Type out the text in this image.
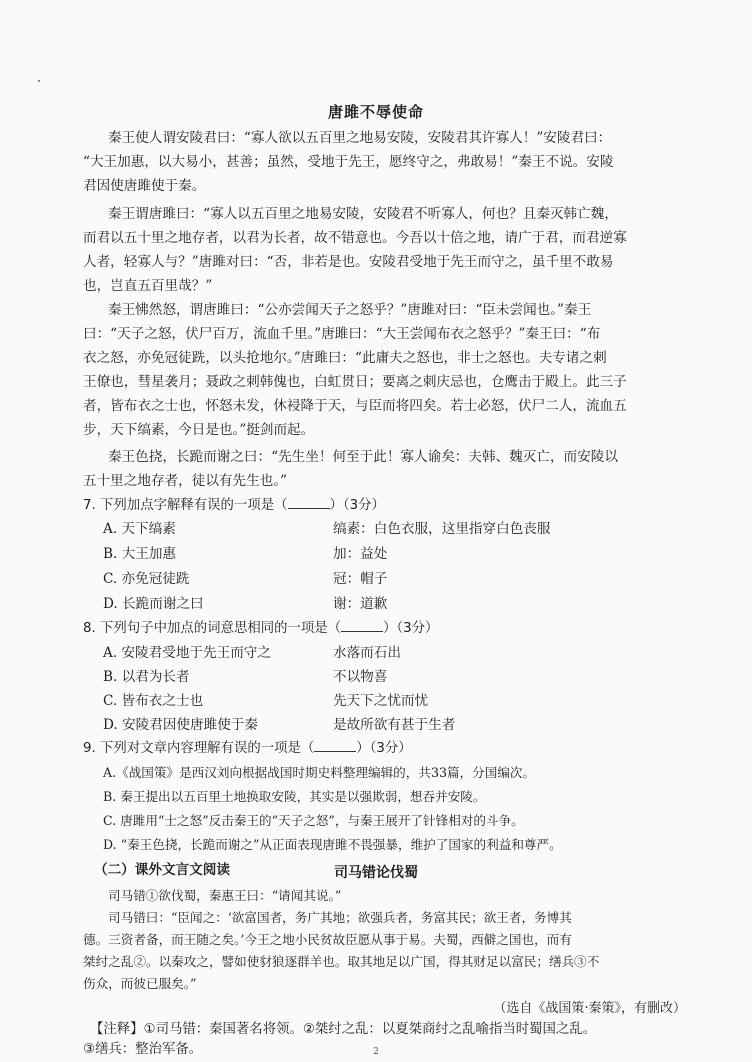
唐雎不辱使命
秦王使人谓安陵君曰：“寡人欲以五百里之地易安陵，安陵君其许寡人！”安陵君曰：
“大王加惠，以大易小，甚善；虽然，受地于先王，愿终守之，弗敢易！”秦王不说。安陵
君因使唐雎使于秦。
秦王谓唐雎曰：“寡人以五百里之地易安陵，安陵君不听寡人，何也？且秦灭韩亡魏，
而君以五十里之地存者，以君为长者，故不错意也。今吾以十倍之地，请广于君，而君逆寡
人者，轻寡人与？”唐雎对曰：“否，非若是也。安陵君受地于先王而守之，虽千里不敢易
也，岂直五百里哉？”
秦王怫然怒，谓唐雎曰：“公亦尝闻天子之怒乎？”唐雎对曰：“臣未尝闻也。”秦王
曰：“天子之怒，伏尸百万，流血千里。”唐雎曰：“大王尝闻布衣之怒乎？”秦王曰：“布
衣之怒，亦免冠徒跣，以头抢地尔。”唐雎曰：“此庸夫之怒也，非士之怒也。夫专诸之刺
王僚也，彗星袭月；聂政之刺韩傀也，白虹贯日；要离之刺庆忌也，仓鹰击于殿上。此三子
者，皆布衣之士也，怀怒未发，休祲降于天，与臣而将四矣。若士必怒，伏尸二人，流血五
步，天下缟素，今日是也。”挺剑而起。
秦王色挠，长跪而谢之曰：“先生坐！何至于此！寡人谕矣：夫韩、魏灭亡，而安陵以
五十里之地存者，徒以有先生也。”
7. 下列加点字解释有误的一项是（	）（3分）
A. 天下缟素	缟素：白色衣服，这里指穿白色丧服
B. 大王加惠	加：益处
C. 亦免冠徒跣	冠：帽子
D. 长跪而谢之曰	谢：道歉
8. 下列句子中加点的词意思相同的一项是（	）（3分）
A. 安陵君受地于先王而守之	水落而石出
B. 以君为长者	不以物喜
C. 皆布衣之士也	先天下之忧而忧
D. 安陵君因使唐雎使于秦	是故所欲有甚于生者
9. 下列对文章内容理解有误的一项是（	）（3分）
A.《战国策》是西汉刘向根据战国时期史料整理编辑的，共33篇，分国编次。
B. 秦王提出以五百里土地换取安陵，其实是以强欺弱，想吞并安陵。
C. 唐雎用“士之怒”反击秦王的“天子之怒”，与秦王展开了针锋相对的斗争。
D. “秦王色挠，长跪而谢之”从正面表现唐雎不畏强暴，维护了国家的利益和尊严。
（二）课外文言文阅读	司马错论伐蜀
司马错①欲伐蜀，秦惠王曰：“请闻其说。”
司马错曰：“臣闻之：‘欲富国者，务广其地；欲强兵者，务富其民；欲王者，务博其
德。三资者备，而王随之矣。’今王之地小民贫故臣愿从事于易。夫蜀，西僻之国也，而有
桀纣之乱②。以秦攻之，譬如使豺狼逐群羊也。取其地足以广国，得其财足以富民；缮兵③不
伤众，而彼已服矣。”
（选自《战国策·秦策》，有删改）
【注释】①司马错：秦国著名将领。②桀纣之乱：以夏桀商纣之乱喻指当时蜀国之乱。
③缮兵：整治军备。	2
